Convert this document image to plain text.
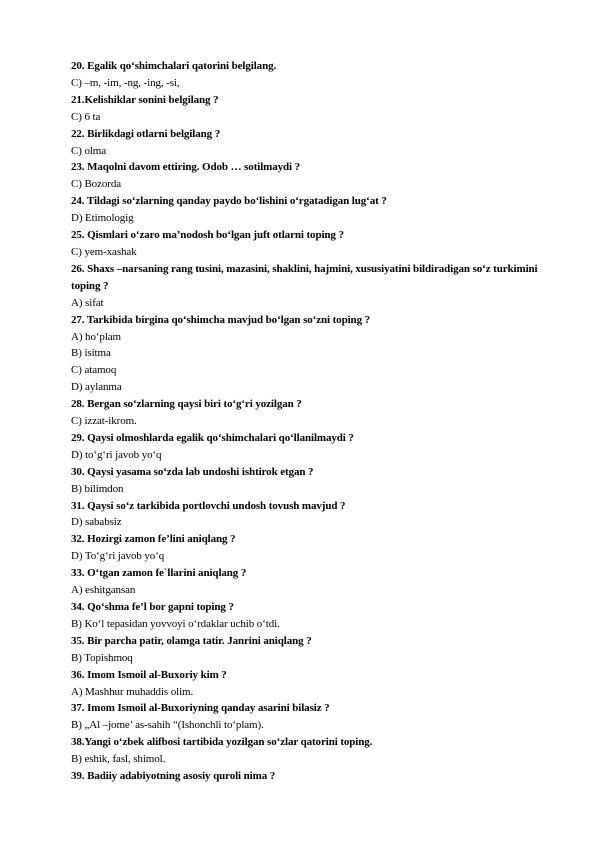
20. Egalik qo‘shimchalari qatorini belgilang.
C) –m, -im, -ng, -ing, -si,
21.Kelishiklar sonini belgilang ?
C) 6 ta
22. Birlikdagi otlarni belgilang ?
C) olma
23. Maqolni davom ettiring. Odob … sotilmaydi ?
C) Bozorda
24. Tildagi so‘zlarning qanday paydo bo‘lishini o‘rgatadigan lug‘at ?
D) Etimologig
25. Qismlari o‘zaro ma’nodosh bo‘lgan juft otlarni toping ?
C) yem-xashak
26. Shaxs –narsaning rang tusini, mazasini, shaklini, hajmini, xususiyatini bildiradigan so‘z turkimini toping ?
A) sifat
27. Tarkibida birgina qo‘shimcha mavjud bo‘lgan so‘zni toping ?
A) ho‘plam
B) isitma
C) atamoq
D) aylanma
28. Bergan so‘zlarning qaysi biri to‘g‘ri yozilgan ?
C) izzat-ikrom.
29. Qaysi olmoshlarda egalik qo‘shimchalari qo‘llanilmaydi ?
D) to‘g‘ri javob yo‘q
30. Qaysi yasama so‘zda lab undoshi ishtirok etgan ?
B) bilimdon
31. Qaysi so‘z tarkibida portlovchi undosh tovush mavjud ?
D) sababsiz
32. Hozirgi zamon fe’lini aniqlang ?
D) To‘g‘ri javob yo‘q
33. O‘tgan zamon fe`llarini aniqlang ?
A) eshitgansan
34. Qo‘shma fe’l bor gapni toping ?
B) Ko‘l tepasidan yovvoyi o‘rdaklar uchib o‘tdi.
35. Bir parcha patir, olamga tatir. Janrini aniqlang ?
B) Topishmoq
36. Imom Ismoil al-Buxoriy kim ?
A) Mashhur muhaddis olim.
37. Imom Ismoil al-Buxoriyning qanday asarini bilasiz ?
B) „Al –jome’ as-sahih “(Ishonchli to‘plam).
38.Yangi o‘zbek alifbosi tartibida yozilgan so‘zlar qatorini toping.
B) eshik, fasl, shimol.
39. Badiiy adabiyotning asosiy quroli nima ?
